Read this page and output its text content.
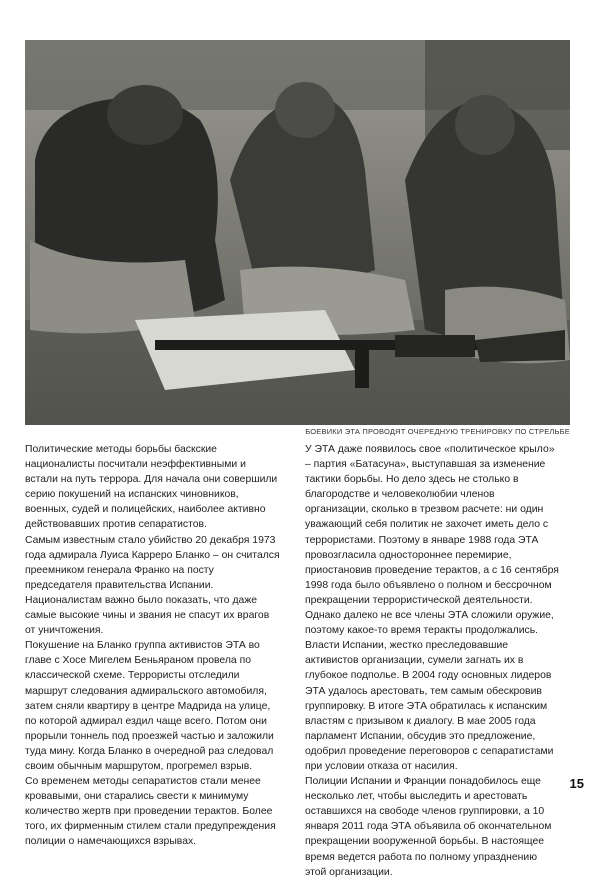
БОЕВИКИ ЭТА ПРОВОДЯТ ОЧЕРЕДНУЮ ТРЕНИРОВКУ ПО СТРЕЛЬБЕ

Политические методы борьбы баскские националисты посчитали неэффективными и встали на путь террора. Для начала они совершили серию покушений на испанских чиновников, военных, судей и полицейских, наиболее активно действовавших против сепаратистов.

Самым известным стало убийство 20 декабря 1973 года адмирала Луиса Карреро Бланко – он считался преемником генерала Франко на посту председателя правительства Испании. Националистам важно было показать, что даже самые высокие чины и звания не спасут их врагов от уничтожения.

Покушение на Бланко группа активистов ЭТА во главе с Хосе Мигелем Беньяраном провела по классической схеме. Террористы отследили маршрут следования адмиральского автомобиля, затем сняли квартиру в центре Мадрида на улице, по которой адмирал ездил чаще всего. Потом они прорыли тоннель под проезжей частью и заложили туда мину. Когда Бланко в очередной раз следовал своим обычным маршрутом, прогремел взрыв.

Со временем методы сепаратистов стали менее кровавыми, они старались свести к минимуму количество жертв при проведении терактов. Более того, их фирменным стилем стали предупреждения полиции о намечающихся взрывах.

У ЭТА даже появилось свое «политическое крыло» – партия «Батасуна», выступавшая за изменение тактики борьбы. Но дело здесь не столько в благородстве и человеколюбии членов организации, сколько в трезвом расчете: ни один уважающий себя политик не захочет иметь дело с террористами. Поэтому в январе 1988 года ЭТА провозгласила одностороннее перемирие, приостановив проведение терактов, а с 16 сентября 1998 года было объявлено о полном и бессрочном прекращении террористической деятельности. Однако далеко не все члены ЭТА сложили оружие, поэтому какое-то время теракты продолжались.

Власти Испании, жестко преследовавшие активистов организации, сумели загнать их в глубокое подполье. В 2004 году основных лидеров ЭТА удалось арестовать, тем самым обескровив группировку. В итоге ЭТА обратилась к испанским властям с призывом к диалогу. В мае 2005 года парламент Испании, обсудив это предложение, одобрил проведение переговоров с сепаратистами при условии отказа от насилия.

Полиции Испании и Франции понадобилось еще несколько лет, чтобы выследить и арестовать оставшихся на свободе членов группировки, а 10 января 2011 года ЭТА объявила об окончательном прекращении вооруженной борьбы. В настоящее время ведется работа по полному упразднению этой организации.

15
